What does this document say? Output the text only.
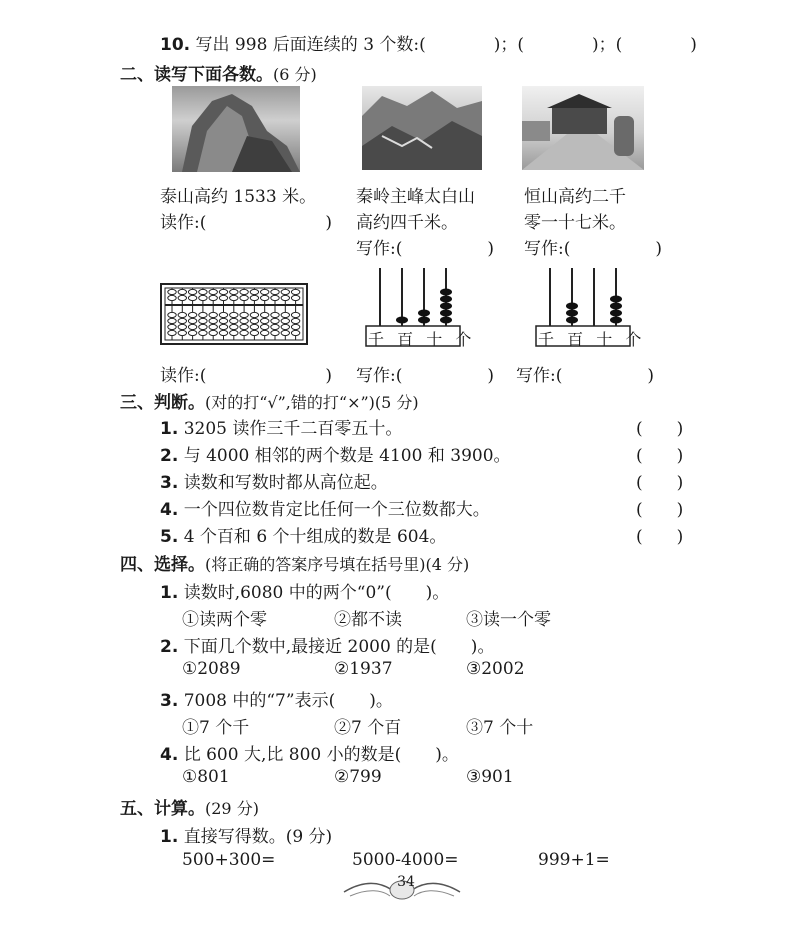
10. 写出 998 后面连续的 3 个数:(　　　　)；(　　　　)；(　　　　)
二、读写下面各数。(6 分)
泰山高约 1533 米。
读作:(　　　　　　　)
秦岭主峰太白山
高约四千米。
写作:(　　　　　)
恒山高约二千
零一十七米。
写作:(　　　　　)
千 百 十 个	千 百 十 个
读作:(　　　　　　　) 写作:(　　　　　) 写作:(　　　　　)
三、判断。(对的打“√”,错的打“×”)(5 分)
1. 3205 读作三千二百零五十。	(　　)
2. 与 4000 相邻的两个数是 4100 和 3900。	(　　)
3. 读数和写数时都从高位起。	(　　)
4. 一个四位数肯定比任何一个三位数都大。	(　　)
5. 4 个百和 6 个十组成的数是 604。	(　　)
四、选择。(将正确的答案序号填在括号里)(4 分)
1. 读数时,6080 中的两个“0”(　　)。
①读两个零	②都不读	③读一个零
2. 下面几个数中,最接近 2000 的是(　　)。
①2089	②1937	③2002
3. 7008 中的“7”表示(　　)。
①7 个千	②7 个百	③7 个十
4. 比 600 大,比 800 小的数是(　　)。
①801	②799	③901
五、计算。(29 分)
1. 直接写得数。(9 分)
500+300=	5000-4000=	999+1=
34
